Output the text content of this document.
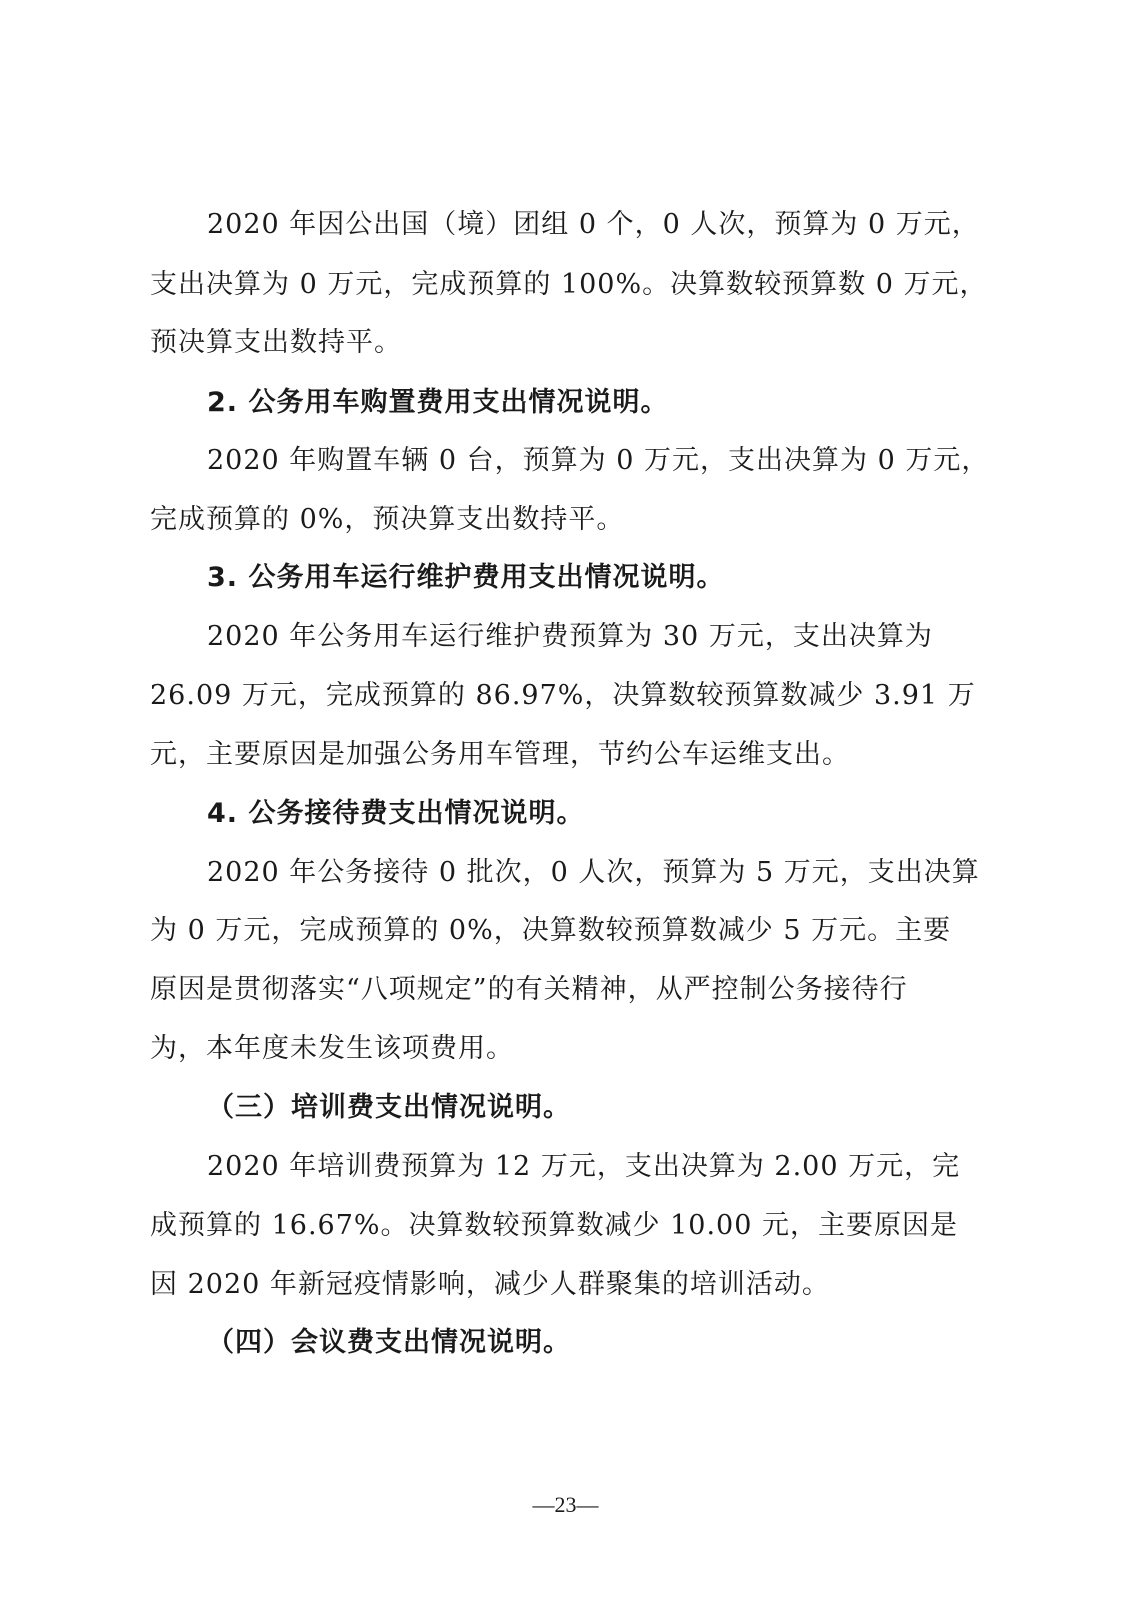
2020 年因公出国（境）团组 0 个，0 人次，预算为 0 万元，
支出决算为 0 万元，完成预算的 100%。决算数较预算数 0 万元，
预决算支出数持平。
2. 公务用车购置费用支出情况说明。
2020 年购置车辆 0 台，预算为 0 万元，支出决算为 0 万元，
完成预算的 0%，预决算支出数持平。
3. 公务用车运行维护费用支出情况说明。
2020 年公务用车运行维护费预算为 30 万元，支出决算为
26.09 万元，完成预算的 86.97%，决算数较预算数减少 3.91 万
元，主要原因是加强公务用车管理，节约公车运维支出。
4. 公务接待费支出情况说明。
2020 年公务接待 0 批次，0 人次，预算为 5 万元，支出决算
为 0 万元，完成预算的 0%，决算数较预算数减少 5 万元。主要
原因是贯彻落实“八项规定”的有关精神，从严控制公务接待行
为，本年度未发生该项费用。
（三）培训费支出情况说明。
2020 年培训费预算为 12 万元，支出决算为 2.00 万元，完
成预算的 16.67%。决算数较预算数减少 10.00 元，主要原因是
因 2020 年新冠疫情影响，减少人群聚集的培训活动。
（四）会议费支出情况说明。
—23—
